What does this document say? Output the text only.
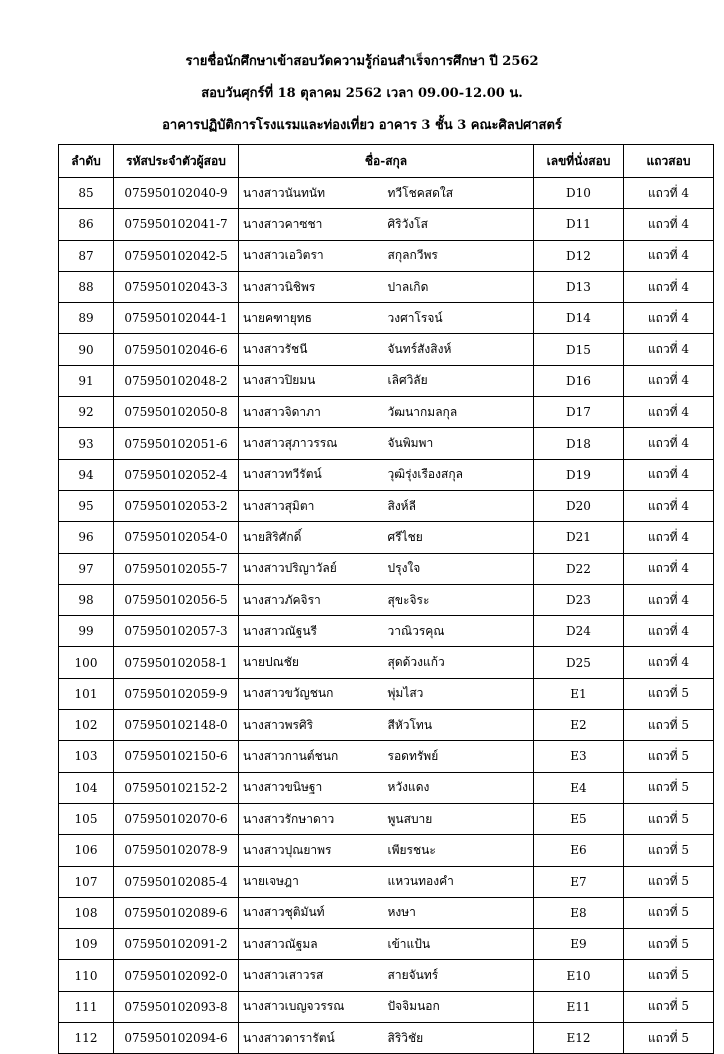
รายชื่อนักศึกษาเข้าสอบวัดความรู้ก่อนสำเร็จการศึกษา ปี 2562
สอบวันศุกร์ที่ 18 ตุลาคม 2562 เวลา 09.00-12.00 น.
อาคารปฏิบัติการโรงแรมและท่องเที่ยว อาคาร 3 ชั้น 3 คณะศิลปศาสตร์
ลำดับ	รหัสประจำตัวผู้สอบ	ชื่อ-สกุล		เลขที่นั่งสอบ	แถวสอบ
85	075950102040-9	นางสาวนันทนัท	ทวีโชคสดใส	D10	แถวที่ 4
86	075950102041-7	นางสาวคาซชา	ศิริวังโส	D11	แถวที่ 4
87	075950102042-5	นางสาวเอวิตรา	สกุลกวีพร	D12	แถวที่ 4
88	075950102043-3	นางสาวนิชิพร	ปาลเกิด	D13	แถวที่ 4
89	075950102044-1	นายคฑายุทธ	วงศาโรจน์	D14	แถวที่ 4
90	075950102046-6	นางสาวรัชนี	จันทร์สังสิงห์	D15	แถวที่ 4
91	075950102048-2	นางสาวปิยมน	เลิศวิลัย	D16	แถวที่ 4
92	075950102050-8	นางสาวจิดาภา	วัฒนากมลกุล	D17	แถวที่ 4
93	075950102051-6	นางสาวสุภาวรรณ	จันพิมพา	D18	แถวที่ 4
94	075950102052-4	นางสาวทวีรัตน์	วุฒิรุ่งเรืองสกุล	D19	แถวที่ 4
95	075950102053-2	นางสาวสุมิตา	สิงห์ลี	D20	แถวที่ 4
96	075950102054-0	นายสิริศักดิ์	ศรีไชย	D21	แถวที่ 4
97	075950102055-7	นางสาวปริญาวัลย์	ปรุงใจ	D22	แถวที่ 4
98	075950102056-5	นางสาวภัคจิรา	สุขะจิระ	D23	แถวที่ 4
99	075950102057-3	นางสาวณัฐนรี	วาณิวรคุณ	D24	แถวที่ 4
100	075950102058-1	นายปณชัย	สุดด้วงแก้ว	D25	แถวที่ 4
101	075950102059-9	นางสาวขวัญชนก	พุ่มไสว	E1	แถวที่ 5
102	075950102148-0	นางสาวพรศิริ	สีหัวโทน	E2	แถวที่ 5
103	075950102150-6	นางสาวกานต์ชนก	รอดทรัพย์	E3	แถวที่ 5
104	075950102152-2	นางสาวขนิษฐา	หวังแดง	E4	แถวที่ 5
105	075950102070-6	นางสาวรักษาดาว	พูนสบาย	E5	แถวที่ 5
106	075950102078-9	นางสาวปุณยาพร	เพียรชนะ	E6	แถวที่ 5
107	075950102085-4	นายเจษฎา	แหวนทองคำ	E7	แถวที่ 5
108	075950102089-6	นางสาวชุติมันท์	หงษา	E8	แถวที่ 5
109	075950102091-2	นางสาวณัฐมล	เข้าแป้น	E9	แถวที่ 5
110	075950102092-0	นางสาวเสาวรส	สายจันทร์	E10	แถวที่ 5
111	075950102093-8	นางสาวเบญจวรรณ	ปัจจิมนอก	E11	แถวที่ 5
112	075950102094-6	นางสาวดารารัตน์	สิริวิชัย	E12	แถวที่ 5
